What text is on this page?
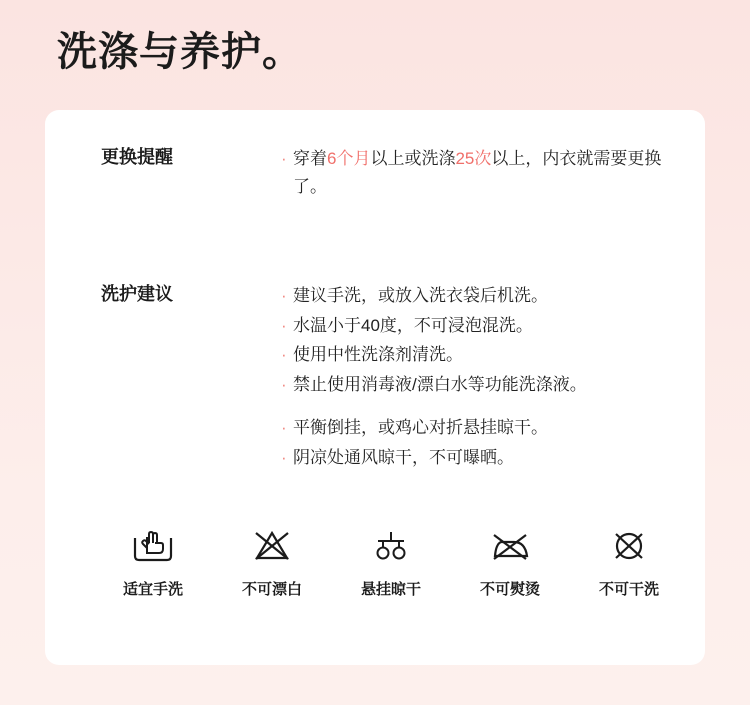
洗涤与养护。
更换提醒	· 穿着6个月以上或洗涤25次以上，内衣就需要更换了。
洗护建议	· 建议手洗，或放入洗衣袋后机洗。
· 水温小于40度，不可浸泡混洗。
· 使用中性洗涤剂清洗。
· 禁止使用消毒液/漂白水等功能洗涤液。
· 平衡倒挂，或鸡心对折悬挂晾干。
· 阴凉处通风晾干，不可曝晒。
适宜手洗	不可漂白	悬挂晾干	不可熨烫	不可干洗
